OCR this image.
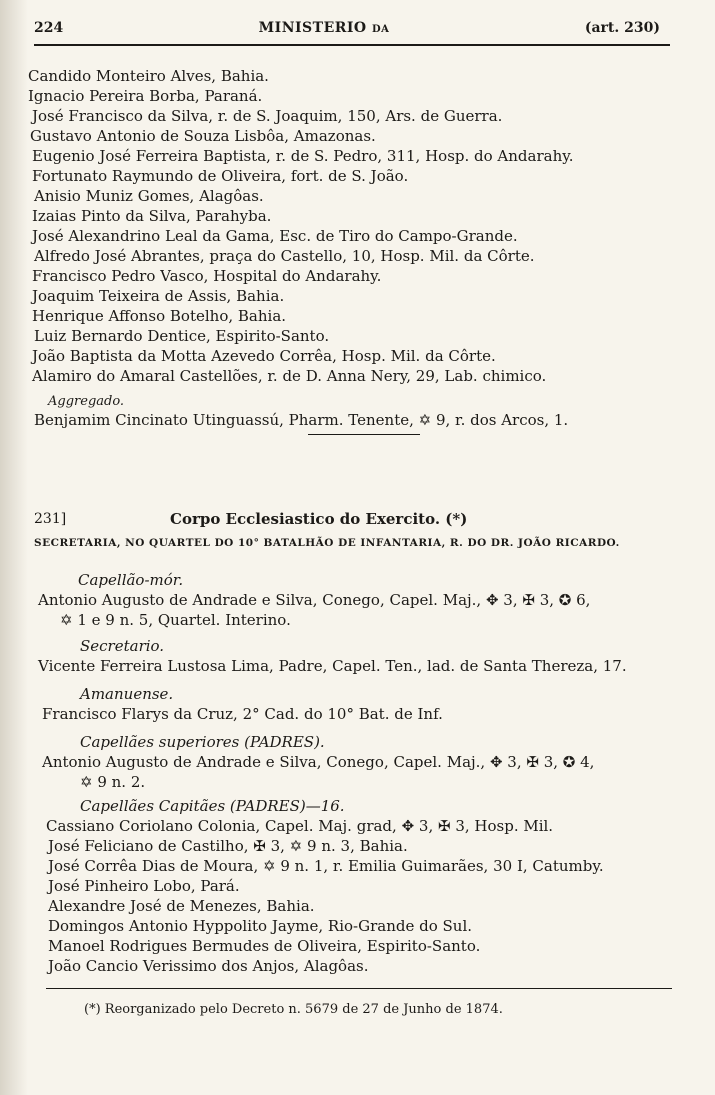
224	MINISTERIO da	(art. 230)
Candido Monteiro Alves, Bahia.
Ignacio Pereira Borba, Paraná.
José Francisco da Silva, r. de S. Joaquim, 150, Ars. de Guerra.
Gustavo Antonio de Souza Lisbôa, Amazonas.
Eugenio José Ferreira Baptista, r. de S. Pedro, 311, Hosp. do Andarahy.
Fortunato Raymundo de Oliveira, fort. de S. João.
Anisio Muniz Gomes, Alagôas.
Izaias Pinto da Silva, Parahyba.
José Alexandrino Leal da Gama, Esc. de Tiro do Campo-Grande.
Alfredo José Abrantes, praça do Castello, 10, Hosp. Mil. da Côrte.
Francisco Pedro Vasco, Hospital do Andarahy.
Joaquim Teixeira de Assis, Bahia.
Henrique Affonso Botelho, Bahia.
Luiz Bernardo Dentice, Espirito-Santo.
João Baptista da Motta Azevedo Corrêa, Hosp. Mil. da Côrte.
Alamiro do Amaral Castellões, r. de D. Anna Nery, 29, Lab. chimico.
Aggregado.
Benjamim Cincinato Utinguassú, Pharm. Tenente, ✡ 9, r. dos Arcos, 1.
231]	Corpo Ecclesiastico do Exercito. (*)
SECRETARIA, NO QUARTEL DO 10° BATALHÃO DE INFANTARIA, R. DO DR. JOÃO RICARDO.
Capellão-mór.
Antonio Augusto de Andrade e Silva, Conego, Capel. Maj., ✥ 3, ✠ 3, ✪ 6,
✡ 1 e 9 n. 5, Quartel. Interino.
Secretario.
Vicente Ferreira Lustosa Lima, Padre, Capel. Ten., lad. de Santa Thereza, 17.
Amanuense.
Francisco Flarys da Cruz, 2° Cad. do 10° Bat. de Inf.
Capellães superiores (PADRES).
Antonio Augusto de Andrade e Silva, Conego, Capel. Maj., ✥ 3, ✠ 3, ✪ 4,
✡ 9 n. 2.
Capellães Capitães (PADRES)—16.
Cassiano Coriolano Colonia, Capel. Maj. grad, ✥ 3, ✠ 3, Hosp. Mil.
José Feliciano de Castilho, ✠ 3, ✡ 9 n. 3, Bahia.
José Corrêa Dias de Moura, ✡ 9 n. 1, r. Emilia Guimarães, 30 I, Catumby.
José Pinheiro Lobo, Pará.
Alexandre José de Menezes, Bahia.
Domingos Antonio Hyppolito Jayme, Rio-Grande do Sul.
Manoel Rodrigues Bermudes de Oliveira, Espirito-Santo.
João Cancio Verissimo dos Anjos, Alagôas.
(*) Reorganizado pelo Decreto n. 5679 de 27 de Junho de 1874.
